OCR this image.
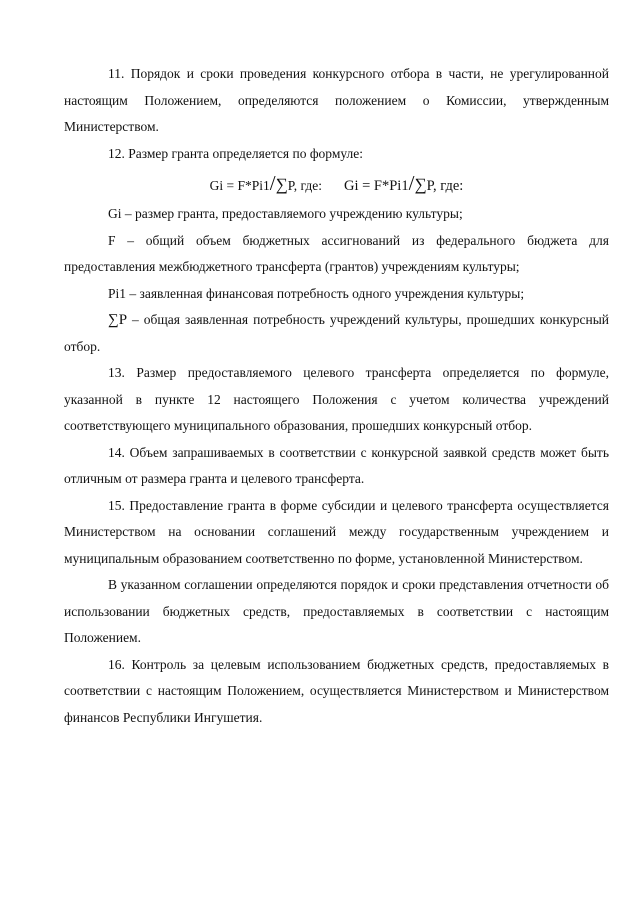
11. Порядок и сроки проведения конкурсного отбора в части, не урегулированной настоящим Положением, определяются положением о Комиссии, утвержденным Министерством.

12. Размер гранта определяется по формуле:

Gi = F*Pi1/∑P, где: Gi = F*Pi1/∑P, где:

Gi – размер гранта, предоставляемого учреждению культуры;

F – общий объем бюджетных ассигнований из федерального бюджета для предоставления межбюджетного трансферта (грантов) учреждениям культуры;

Pi1 – заявленная финансовая потребность одного учреждения культуры;

∑P – общая заявленная потребность учреждений культуры, прошедших конкурсный отбор.

13. Размер предоставляемого целевого трансферта определяется по формуле, указанной в пункте 12 настоящего Положения с учетом количества учреждений соответствующего муниципального образования, прошедших конкурсный отбор.

14. Объем запрашиваемых в соответствии с конкурсной заявкой средств может быть отличным от размера гранта и целевого трансферта.

15. Предоставление гранта в форме субсидии и целевого трансферта осуществляется Министерством на основании соглашений между государственным учреждением и муниципальным образованием соответственно по форме, установленной Министерством.

В указанном соглашении определяются порядок и сроки представления отчетности об использовании бюджетных средств, предоставляемых в соответствии с настоящим Положением.

16. Контроль за целевым использованием бюджетных средств, предоставляемых в соответствии с настоящим Положением, осуществляется Министерством и Министерством финансов Республики Ингушетия.
